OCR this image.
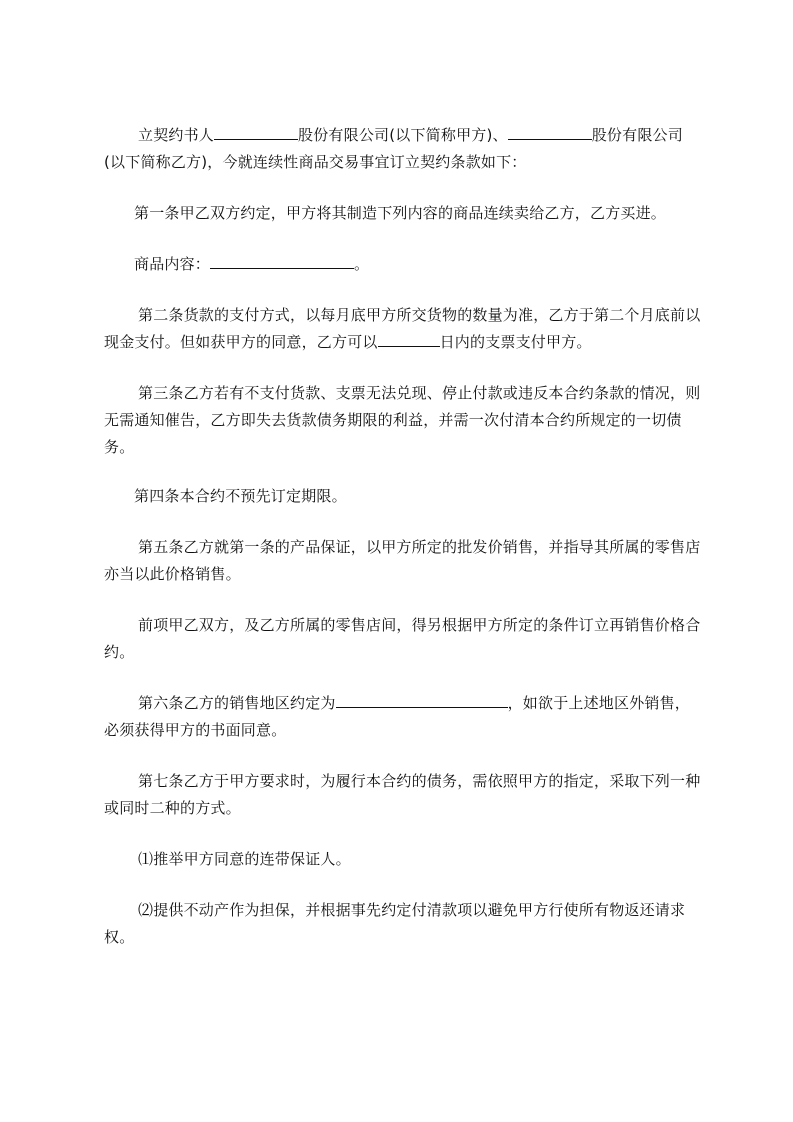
立契约书人	股份有限公司(以下简称甲方)、	股份有限公司(以下简称乙方)，今就连续性商品交易事宜订立契约条款如下：

第一条甲乙双方约定，甲方将其制造下列内容的商品连续卖给乙方，乙方买进。

商品内容：	。

第二条货款的支付方式，以每月底甲方所交货物的数量为准，乙方于第二个月底前以现金支付。但如获甲方的同意，乙方可以	日内的支票支付甲方。

第三条乙方若有不支付货款、支票无法兑现、停止付款或违反本合约条款的情况，则无需通知催告，乙方即失去货款债务期限的利益，并需一次付清本合约所规定的一切债务。

第四条本合约不预先订定期限。

第五条乙方就第一条的产品保证，以甲方所定的批发价销售，并指导其所属的零售店亦当以此价格销售。

前项甲乙双方，及乙方所属的零售店间，得另根据甲方所定的条件订立再销售价格合约。

第六条乙方的销售地区约定为	，如欲于上述地区外销售，必须获得甲方的书面同意。

第七条乙方于甲方要求时，为履行本合约的债务，需依照甲方的指定，采取下列一种或同时二种的方式。

⑴推举甲方同意的连带保证人。

⑵提供不动产作为担保，并根据事先约定付清款项以避免甲方行使所有物返还请求权。
